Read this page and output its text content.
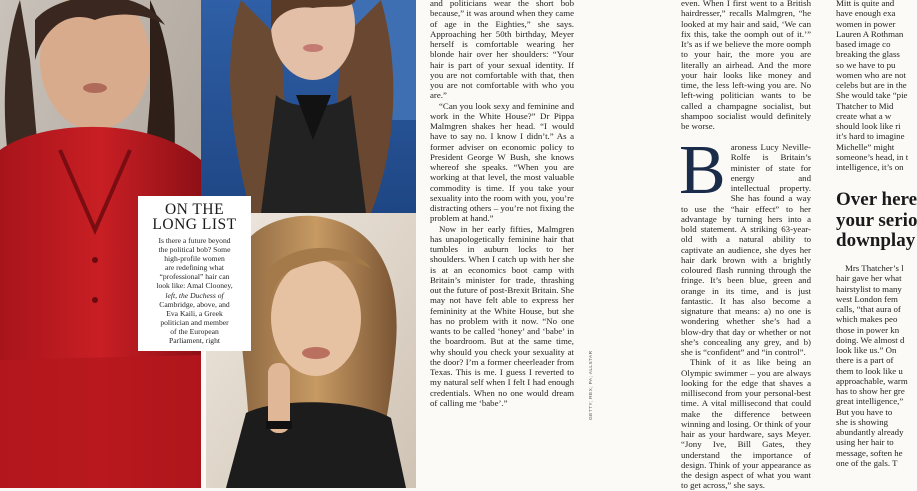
ON THE
LONG LIST
Is there a future beyond
the political bob? Some
high-profile women
are redefining what
“professional” hair can
look like: Amal Clooney,
left, the Duchess of
Cambridge, above, and
Eva Kaili, a Greek
politician and member
of the European
Parliament, right

and politicians wear the short bob because,” it was around when they came of age in the Eighties,” she says. Approaching her 50th birthday, Meyer herself is comfortable wearing her blonde hair over her shoulders: “Your hair is part of your sexual identity. If you are not comfortable with that, then you are not comfortable with who you are.”

“Can you look sexy and feminine and work in the White House?” Dr Pippa Malmgren shakes her head. “I would have to say no. I know I didn’t.” As a former adviser on economic policy to President George W Bush, she knows whereof she speaks. “When you are working at that level, the most valuable commodity is time. If you take your sexuality into the room with you, you’re distracting others – you’re not fixing the problem at hand.”

Now in her early fifties, Malmgren has unapologetically feminine hair that tumbles in auburn locks to her shoulders. When I catch up with her she is at an economics boot camp with Britain’s minister for trade, thrashing out the future of post-Brexit Britain. She may not have felt able to express her femininity at the White House, but she has no problem with it now. “No one wants to be called ‘honey’ and ‘babe’ in the boardroom. But at the same time, why should you check your sexuality at the door? I’m a former cheerleader from Texas. This is me. I guess I reverted to my natural self when I felt I had enough credentials. When no one would dream of calling me ‘babe’.”	GETTY; REX; PA; ALLSTAR

even. When I first went to a British hairdresser,” recalls Malmgren, “he looked at my hair and said, ‘We can fix this, take the oomph out of it.’” It’s as if we believe the more oomph to your hair, the more you are literally an airhead. And the more your hair looks like money and time, the less left-wing you are. No left-wing politician wants to be called a champagne socialist, but shampoo socialist would definitely be worse.

B aroness Lucy Neville-Rolfe is Britain’s minister of state for energy and intellectual property. She has found a way to use the “hair effect” to her advantage by turning hers into a bold statement. A striking 63-year-old with a natural ability to captivate an audience, she dyes her hair dark brown with a brightly coloured flash running through the fringe. It’s been blue, green and orange in its time, and is just fantastic. It has also become a signature that means: a) no one is wondering whether she’s had a blow-dry that day or whether or not she’s concealing any grey, and b) she is “confident” and “in control”.

Think of it as like being an Olympic swimmer – you are always looking for the edge that shaves a millisecond from your personal-best time. A vital millisecond that could make the difference between winning and losing. Or think of your hair as your hardware, says Meyer. “Jony Ive, Bill Gates, they understand the importance of design. Think of your appearance as the design aspect of what you want to get across,” she says.

Mitt is quite and
have enough exa
women in power
Lauren A Rothman
based image co
breaking the glass
so we have to pu
women who are not
celebs but are in the
She would take “pie
Thatcher to Mid
create what a w
should look like ri
it’s hard to imagine
Michelle” might
someone’s head, in t
intelligence, it’s on
Over here
your serio
downplay
Mrs Thatcher’s l
hair gave her what
hairstylist to many
west London fem
calls, “that aura of
which makes peo
those in power kn
doing. We almost d
look like us.” On
there is a part of
them to look like u
approachable, warm
has to show her gre
great intelligence,”
But you have to
she is showing
abundantly already
using her hair to
message, soften he
one of the gals. T
